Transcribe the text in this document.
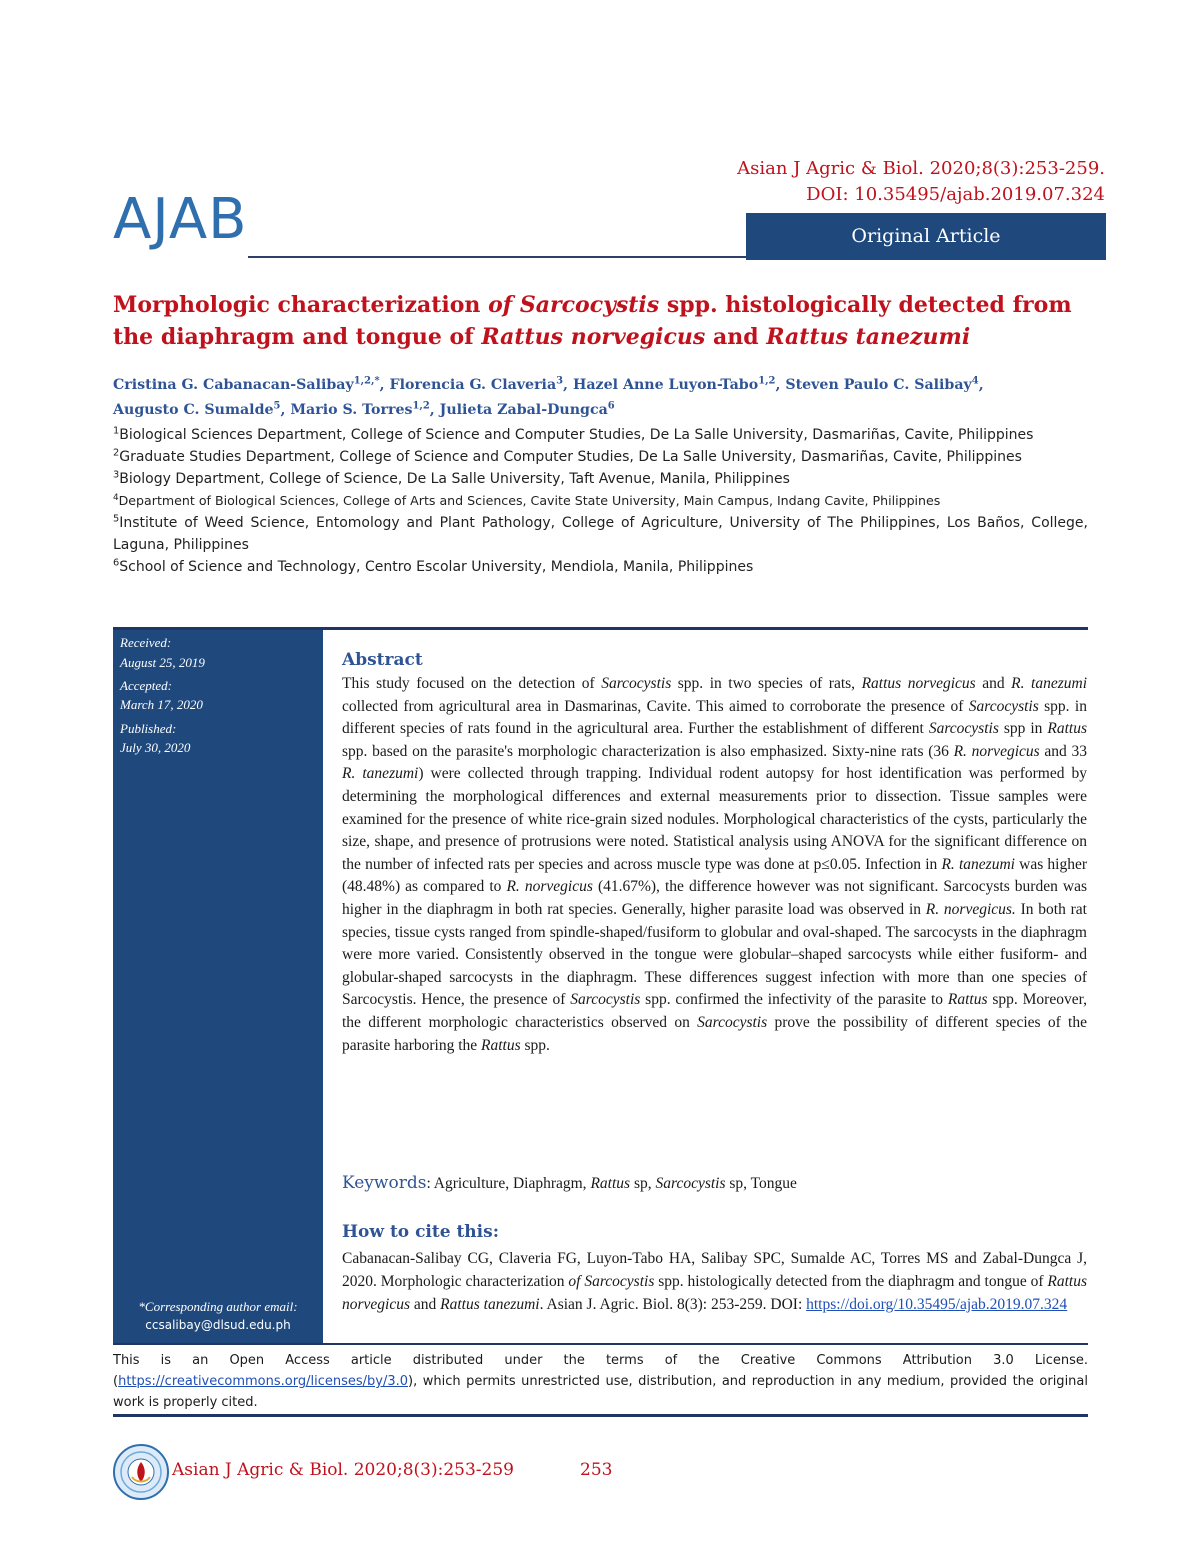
Asian J Agric & Biol. 2020;8(3):253-259.
DOI: 10.35495/ajab.2019.07.324
AJAB	Original Article
Morphologic characterization of Sarcocystis spp. histologically detected from the diaphragm and tongue of Rattus norvegicus and Rattus tanezumi
Cristina G. Cabanacan-Salibay$^{1,2,*}$, Florencia G. Claveria$^3$, Hazel Anne Luyon-Tabo$^{1,2}$, Steven Paulo C. Salibay$^4$,
Augusto C. Sumalde$^5$, Mario S. Torres$^{1,2}$, Julieta Zabal-Dungca$^6$
$^1$Biological Sciences Department, College of Science and Computer Studies, De La Salle University, Dasmariñas, Cavite, Philippines
$^2$Graduate Studies Department, College of Science and Computer Studies, De La Salle University, Dasmariñas, Cavite, Philippines
$^3$Biology Department, College of Science, De La Salle University, Taft Avenue, Manila, Philippines
$^4$Department of Biological Sciences, College of Arts and Sciences, Cavite State University, Main Campus, Indang Cavite, Philippines
$^5$Institute of Weed Science, Entomology and Plant Pathology, College of Agriculture, University of The Philippines, Los Baños, College, Laguna, Philippines
$^6$School of Science and Technology, Centro Escolar University, Mendiola, Manila, Philippines
Received:
August 25, 2019
Accepted:
March 17, 2020
Published:
July 30, 2020
*Corresponding author email:
ccsalibay@dlsud.edu.ph
Abstract
This study focused on the detection of Sarcocystis spp. in two species of rats, Rattus norvegicus and R. tanezumi collected from agricultural area in Dasmarinas, Cavite. This aimed to corroborate the presence of Sarcocystis spp. in different species of rats found in the agricultural area. Further the establishment of different Sarcocystis spp in Rattus spp. based on the parasite's morphologic characterization is also emphasized. Sixty-nine rats (36 R. norvegicus and 33 R. tanezumi) were collected through trapping. Individual rodent autopsy for host identification was performed by determining the morphological differences and external measurements prior to dissection. Tissue samples were examined for the presence of white rice-grain sized nodules. Morphological characteristics of the cysts, particularly the size, shape, and presence of protrusions were noted. Statistical analysis using ANOVA for the significant difference on the number of infected rats per species and across muscle type was done at p≤0.05. Infection in R. tanezumi was higher (48.48%) as compared to R. norvegicus (41.67%), the difference however was not significant. Sarcocysts burden was higher in the diaphragm in both rat species. Generally, higher parasite load was observed in R. norvegicus. In both rat species, tissue cysts ranged from spindle-shaped/fusiform to globular and oval-shaped. The sarcocysts in the diaphragm were more varied. Consistently observed in the tongue were globular–shaped sarcocysts while either fusiform- and globular-shaped sarcocysts in the diaphragm. These differences suggest infection with more than one species of Sarcocystis. Hence, the presence of Sarcocystis spp. confirmed the infectivity of the parasite to Rattus spp. Moreover, the different morphologic characteristics observed on Sarcocystis prove the possibility of different species of the parasite harboring the Rattus spp.
Keywords: Agriculture, Diaphragm, Rattus sp, Sarcocystis sp, Tongue
How to cite this:
Cabanacan-Salibay CG, Claveria FG, Luyon-Tabo HA, Salibay SPC, Sumalde AC, Torres MS and Zabal-Dungca J, 2020. Morphologic characterization of Sarcocystis spp. histologically detected from the diaphragm and tongue of Rattus norvegicus and Rattus tanezumi. Asian J. Agric. Biol. 8(3): 253-259. DOI: https://doi.org/10.35495/ajab.2019.07.324
This is an Open Access article distributed under the terms of the Creative Commons Attribution 3.0 License. (https://creativecommons.org/licenses/by/3.0), which permits unrestricted use, distribution, and reproduction in any medium, provided the original work is properly cited.
Asian J Agric & Biol. 2020;8(3):253-259	253
